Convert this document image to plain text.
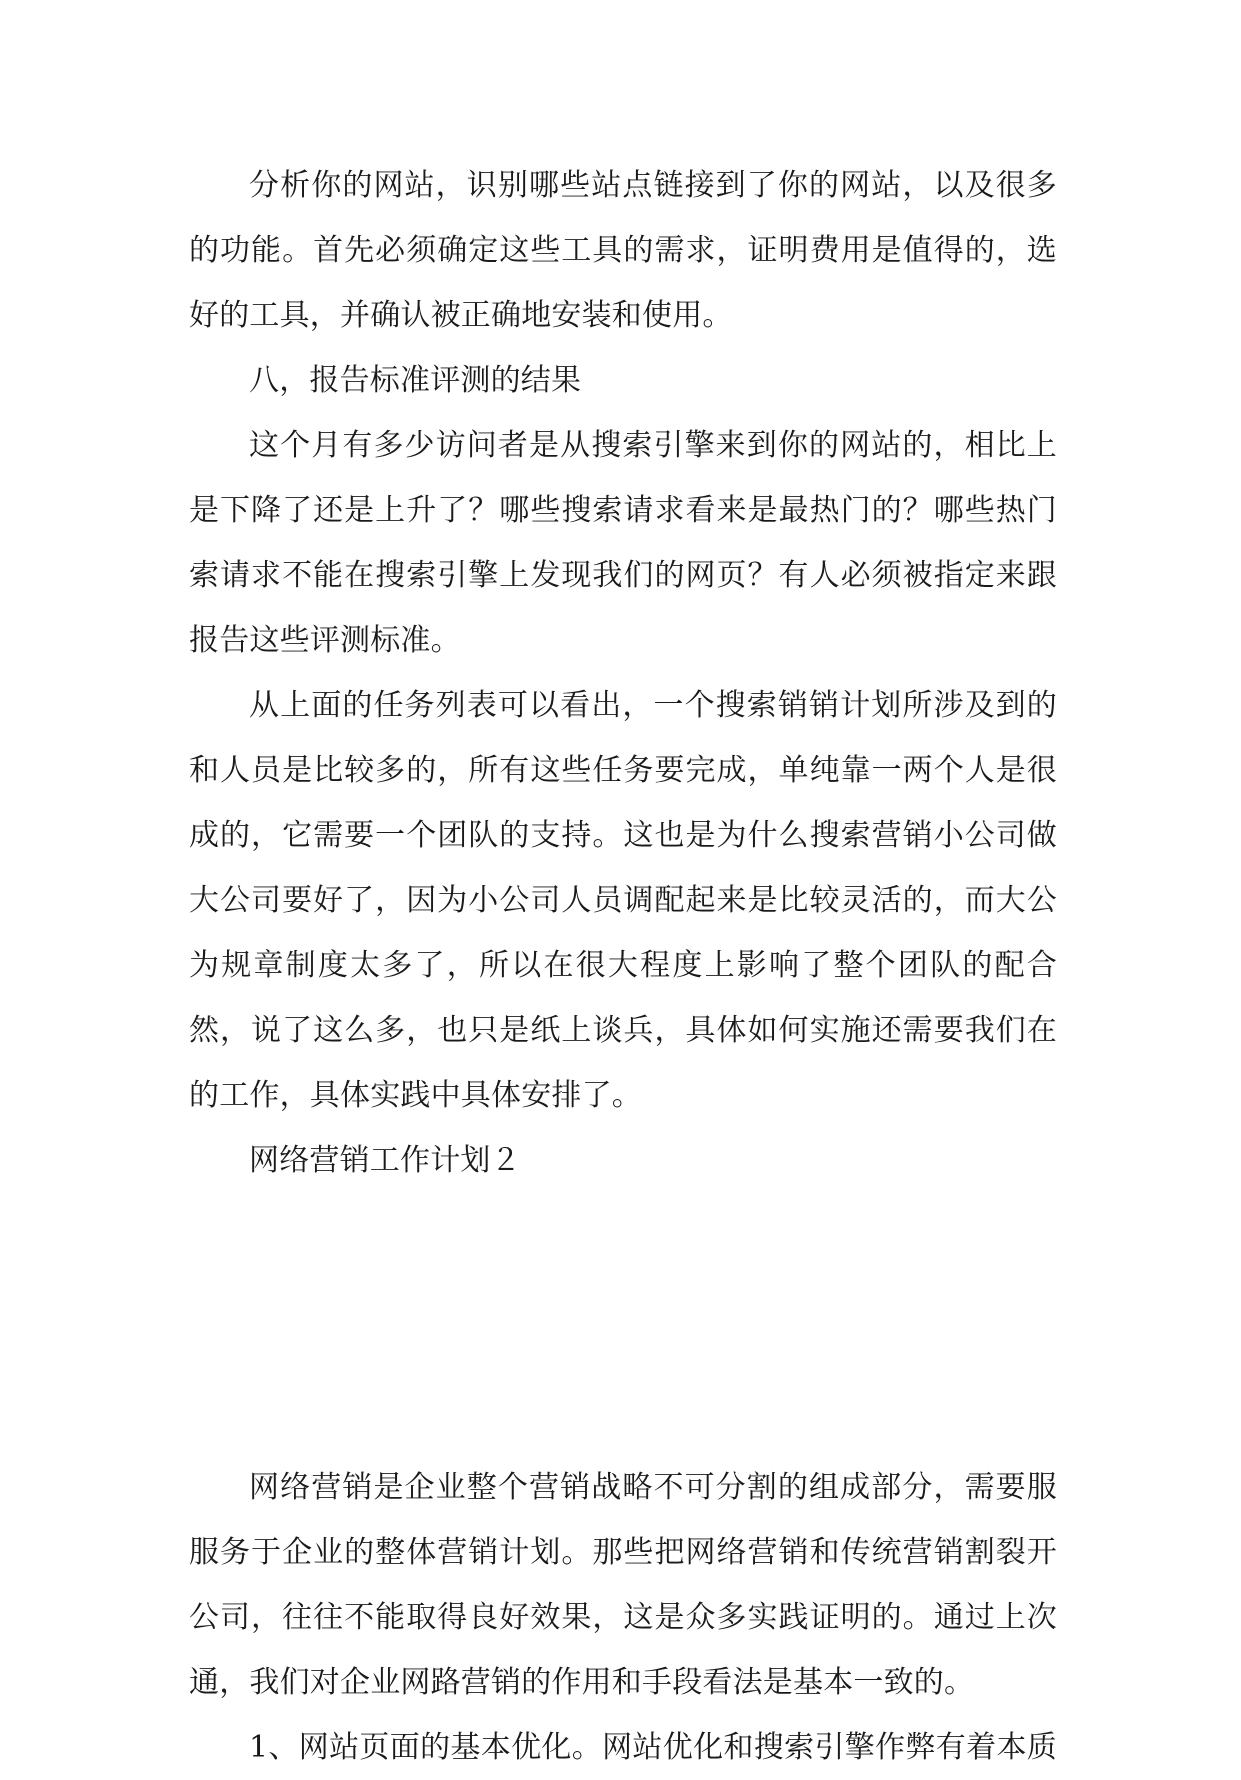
分析你的网站，识别哪些站点链接到了你的网站，以及很多
的功能。首先必须确定这些工具的需求，证明费用是值得的，选
好的工具，并确认被正确地安装和使用。
八，报告标准评测的结果
这个月有多少访问者是从搜索引擎来到你的网站的，相比上
是下降了还是上升了？哪些搜索请求看来是最热门的？哪些热门
索请求不能在搜索引擎上发现我们的网页？有人必须被指定来跟
报告这些评测标准。
从上面的任务列表可以看出，一个搜索销销计划所涉及到的
和人员是比较多的，所有这些任务要完成，单纯靠一两个人是很
成的，它需要一个团队的支持。这也是为什么搜索营销小公司做
大公司要好了，因为小公司人员调配起来是比较灵活的，而大公
为规章制度太多了，所以在很大程度上影响了整个团队的配合
然，说了这么多，也只是纸上谈兵，具体如何实施还需要我们在
的工作，具体实践中具体安排了。
网络营销工作计划２
网络营销是企业整个营销战略不可分割的组成部分，需要服
服务于企业的整体营销计划。那些把网络营销和传统营销割裂开
公司，往往不能取得良好效果，这是众多实践证明的。通过上次
通，我们对企业网路营销的作用和手段看法是基本一致的。
1、网站页面的基本优化。网站优化和搜索引擎作弊有着本质
